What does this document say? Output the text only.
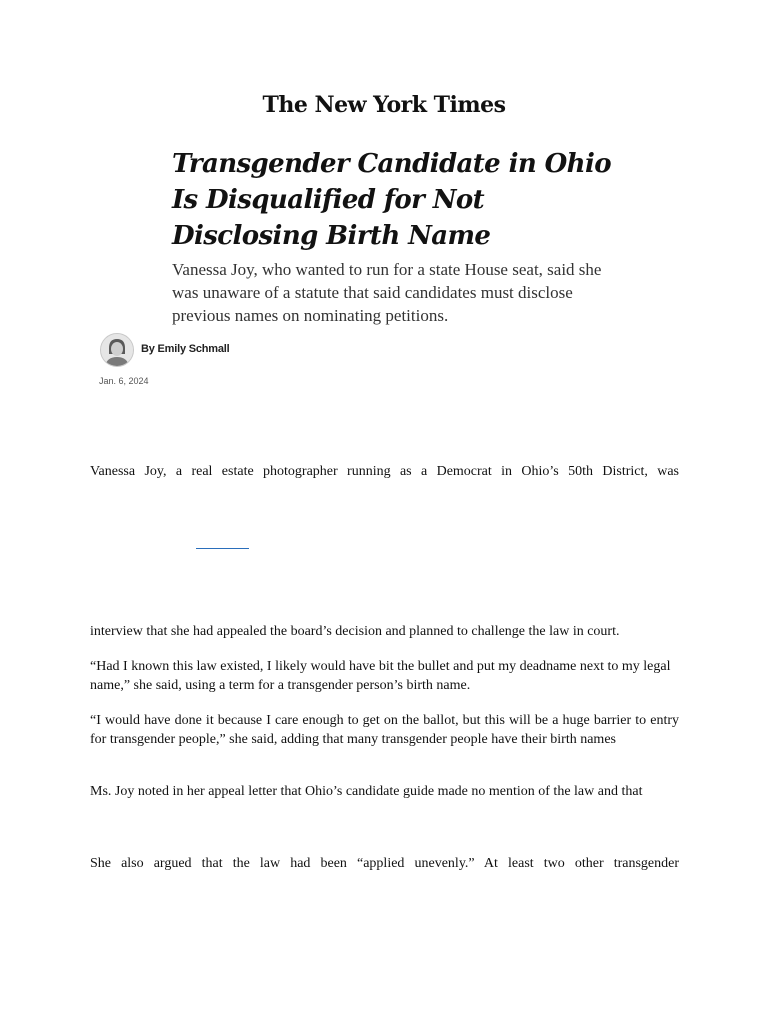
The New York Times
Transgender Candidate in Ohio Is Disqualified for Not Disclosing Birth Name

Vanessa Joy, who wanted to run for a state House seat, said she was unaware of a statute that said candidates must disclose previous names on nominating petitions.

By Emily Schmall
Jan. 6, 2024

Vanessa Joy, a real estate photographer running as a Democrat in Ohio’s 50th District, was

interview that she had appealed the board’s decision and planned to challenge the law in court.

“Had I known this law existed, I likely would have bit the bullet and put my deadname next to my legal name,” she said, using a term for a transgender person’s birth name.

“I would have done it because I care enough to get on the ballot, but this will be a huge barrier to entry for transgender people,” she said, adding that many transgender people have their birth names

Ms. Joy noted in her appeal letter that Ohio’s candidate guide made no mention of the law and that

She also argued that the law had been “applied unevenly.” At least two other transgender
